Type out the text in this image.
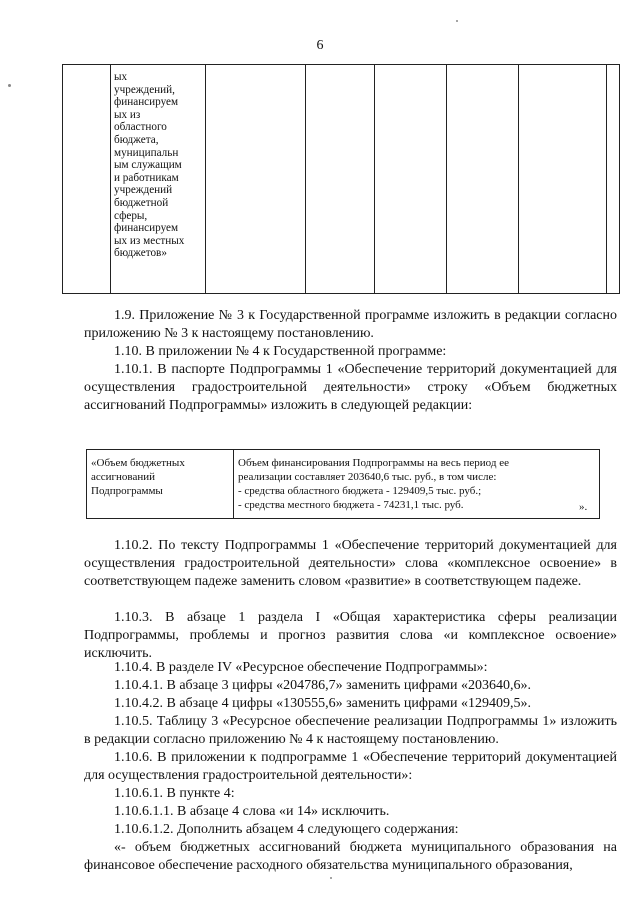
6

ых
учреждений,
финансируем
ых из
областного
бюджета,
муниципальн
ым служащим
и работникам
учреждений
бюджетной
сферы,
финансируем
ых из местных
бюджетов»

1.9. Приложение № 3 к Государственной программе изложить в редакции согласно приложению № 3 к настоящему постановлению.

1.10. В приложении № 4 к Государственной программе:

1.10.1. В паспорте Подпрограммы 1 «Обеспечение территорий документацией для осуществления градостроительной деятельности» строку «Объем бюджетных ассигнований Подпрограммы» изложить в следующей редакции:

«Объем бюджетных
ассигнований
Подпрограммы

Объем финансирования Подпрограммы на весь период ее
реализации составляет 203640,6 тыс. руб., в том числе:
- средства областного бюджета - 129409,5 тыс. руб.;
- средства местного бюджета - 74231,1 тыс. руб.	».

1.10.2. По тексту Подпрограммы 1 «Обеспечение территорий документацией для осуществления градостроительной деятельности» слова «комплексное освоение» в соответствующем падеже заменить словом «развитие» в соответствующем падеже.

1.10.3. В абзаце 1 раздела I «Общая характеристика сферы реализации Подпрограммы, проблемы и прогноз развития слова «и комплексное освоение» исключить.

1.10.4. В разделе IV «Ресурсное обеспечение Подпрограммы»:
1.10.4.1. В абзаце 3 цифры «204786,7» заменить цифрами «203640,6».
1.10.4.2. В абзаце 4 цифры «130555,6» заменить цифрами «129409,5».

1.10.5. Таблицу 3 «Ресурсное обеспечение реализации Подпрограммы 1» изложить в редакции согласно приложению № 4 к настоящему постановлению.

1.10.6. В приложении к подпрограмме 1 «Обеспечение территорий документацией для осуществления градостроительной деятельности»:

1.10.6.1. В пункте 4:
1.10.6.1.1. В абзаце 4 слова «и 14» исключить.
1.10.6.1.2. Дополнить абзацем 4 следующего содержания:

«- объем бюджетных ассигнований бюджета муниципального образования на финансовое обеспечение расходного обязательства муниципального образования,
